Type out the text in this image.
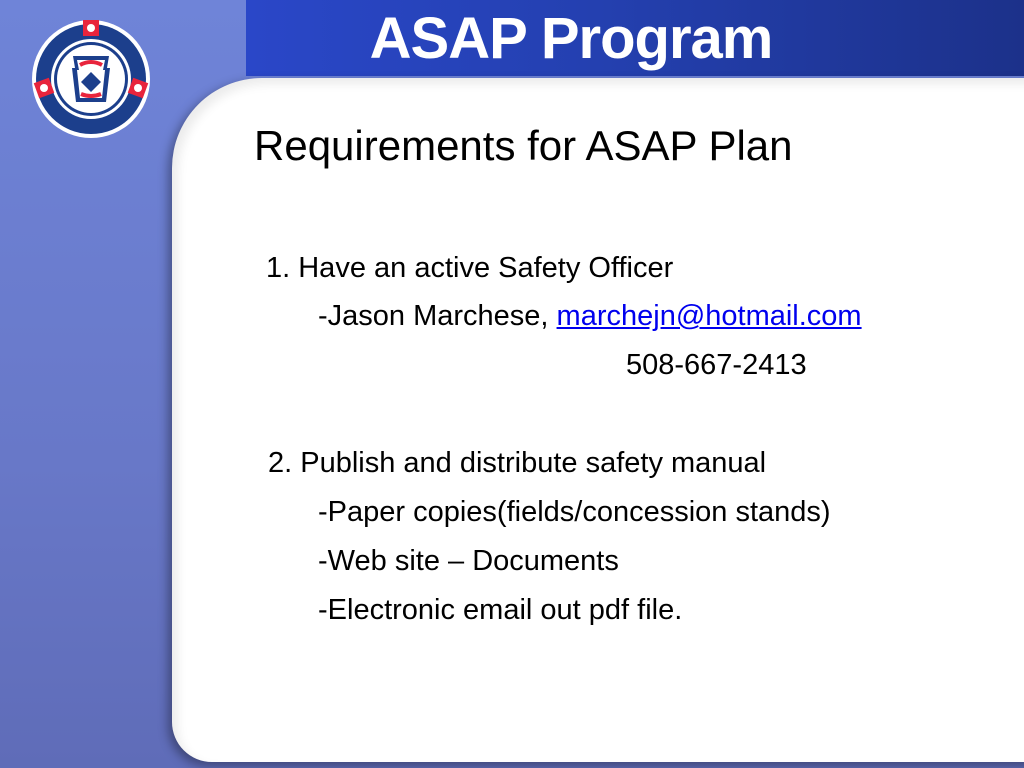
ASAP Program
Requirements for ASAP Plan
1. Have an active Safety Officer
-Jason Marchese, marchejn@hotmail.com
508-667-2413
2. Publish and distribute safety manual
-Paper copies(fields/concession stands)
-Web site – Documents
-Electronic email out pdf file.
